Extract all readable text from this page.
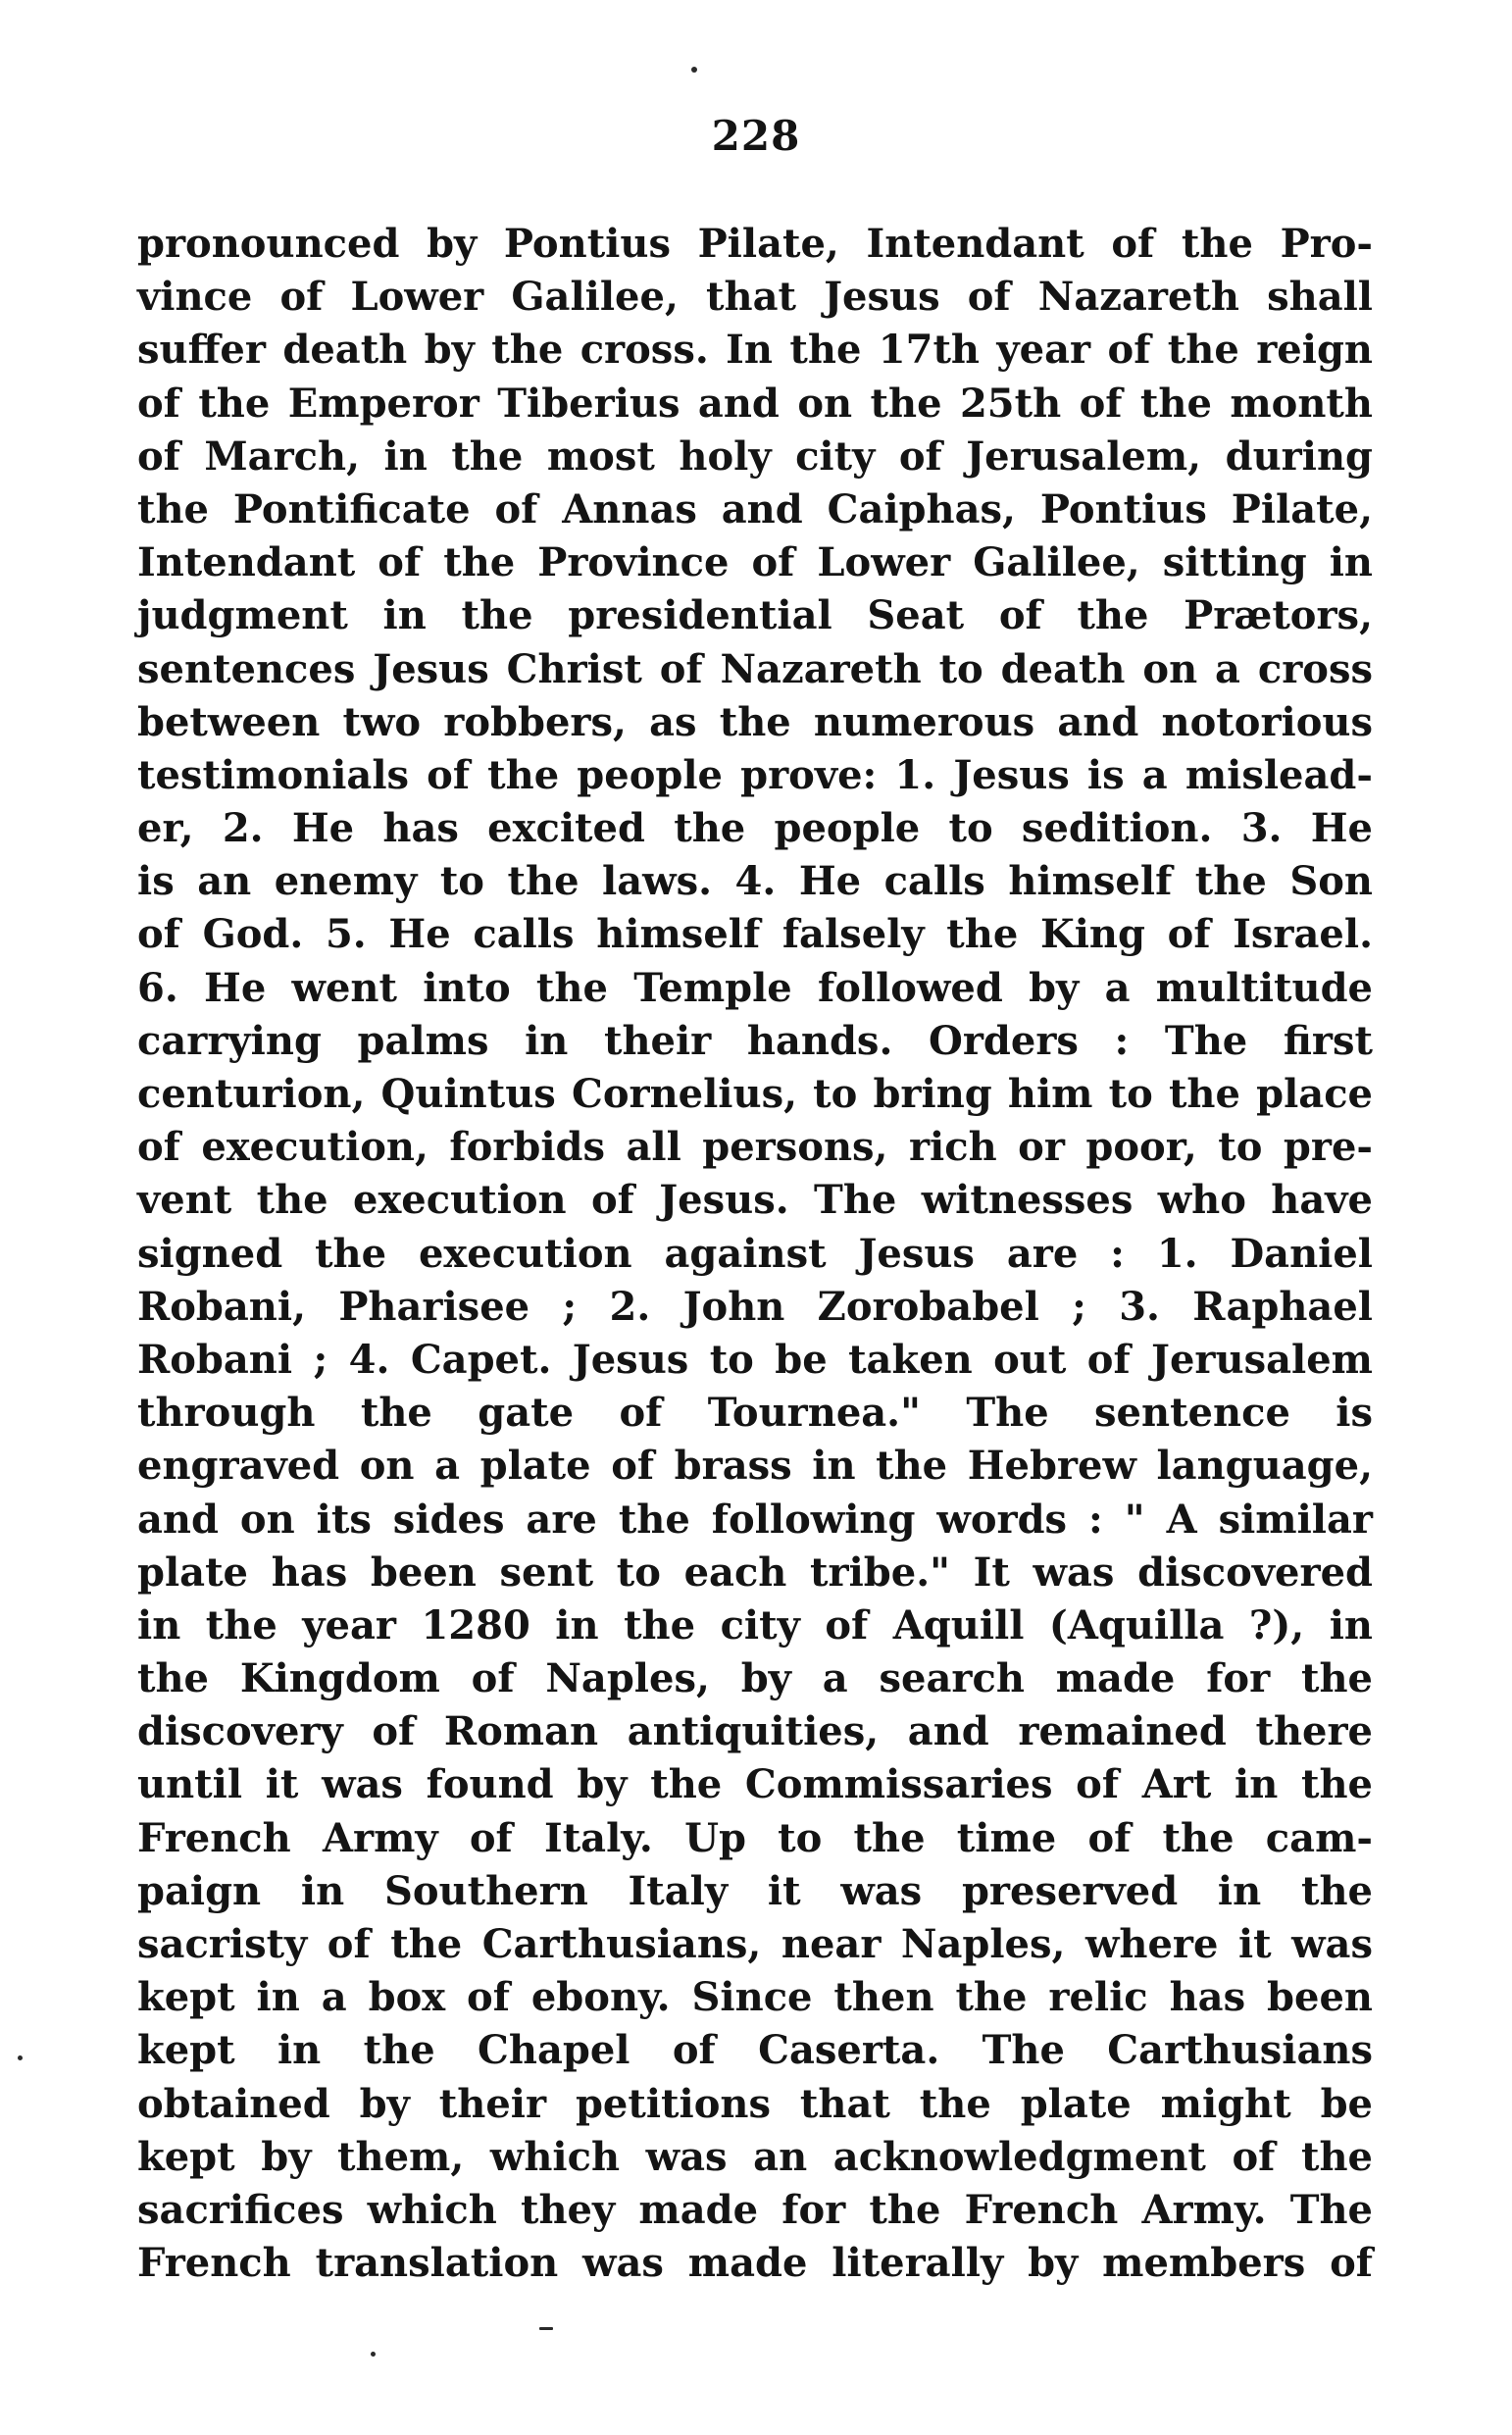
228
pronounced by Pontius Pilate, Intendant of the Pro-
vince of Lower Galilee, that Jesus of Nazareth shall
suffer death by the cross. In the 17th year of the reign
of the Emperor Tiberius and on the 25th of the month
of March, in the most holy city of Jerusalem, during
the Pontificate of Annas and Caiphas, Pontius Pilate,
Intendant of the Province of Lower Galilee, sitting in
judgment in the presidential Seat of the Prætors,
sentences Jesus Christ of Nazareth to death on a cross
between two robbers, as the numerous and notorious
testimonials of the people prove: 1. Jesus is a mislead-
er, 2. He has excited the people to sedition. 3. He
is an enemy to the laws. 4. He calls himself the Son
of God. 5. He calls himself falsely the King of Israel.
6. He went into the Temple followed by a multitude
carrying palms in their hands. Orders : The first
centurion, Quintus Cornelius, to bring him to the place
of execution, forbids all persons, rich or poor, to pre-
vent the execution of Jesus. The witnesses who have
signed the execution against Jesus are : 1. Daniel
Robani, Pharisee ; 2. John Zorobabel ; 3. Raphael
Robani ; 4. Capet. Jesus to be taken out of Jerusalem
through the gate of Tournea." The sentence is
engraved on a plate of brass in the Hebrew language,
and on its sides are the following words : " A similar
plate has been sent to each tribe." It was discovered
in the year 1280 in the city of Aquill (Aquilla ?), in
the Kingdom of Naples, by a search made for the
discovery of Roman antiquities, and remained there
until it was found by the Commissaries of Art in the
French Army of Italy. Up to the time of the cam-
paign in Southern Italy it was preserved in the
sacristy of the Carthusians, near Naples, where it was
kept in a box of ebony. Since then the relic has been
kept in the Chapel of Caserta. The Carthusians
obtained by their petitions that the plate might be
kept by them, which was an acknowledgment of the
sacrifices which they made for the French Army. The
French translation was made literally by members of
